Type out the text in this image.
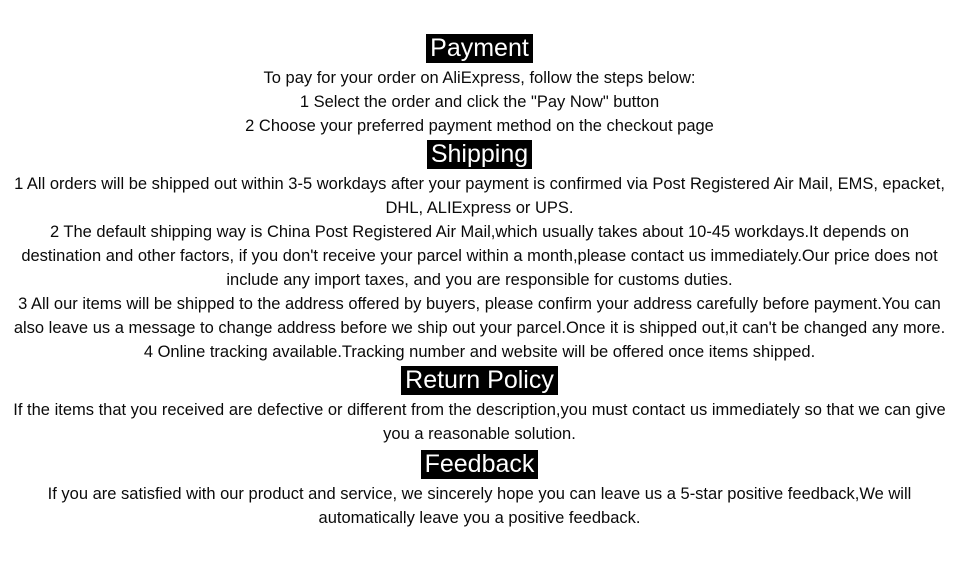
Payment

To pay for your order on AliExpress, follow the steps below:

1 Select the order and click the "Pay Now" button

2 Choose your preferred payment method on the checkout page

Shipping

1 All orders will be shipped out within 3-5 workdays after your payment is confirmed via Post Registered Air Mail, EMS, epacket, DHL, ALIExpress or UPS.

2 The default shipping way is China Post Registered Air Mail,which usually takes about 10-45 workdays.It depends on destination and other factors, if you don't receive your parcel within a month,please contact us immediately.Our price does not include any import taxes, and you are responsible for customs duties.

3 All our items will be shipped to the address offered by buyers, please confirm your address carefully before payment.You can also leave us a message to change address before we ship out your parcel.Once it is shipped out,it can't be changed any more.

4 Online tracking available.Tracking number and website will be offered once items shipped.

Return Policy

If the items that you received are defective or different from the description,you must contact us immediately so that we can give you a reasonable solution.

Feedback

If you are satisfied with our product and service, we sincerely hope you can leave us a 5-star positive feedback,We will automatically leave you a positive feedback.
